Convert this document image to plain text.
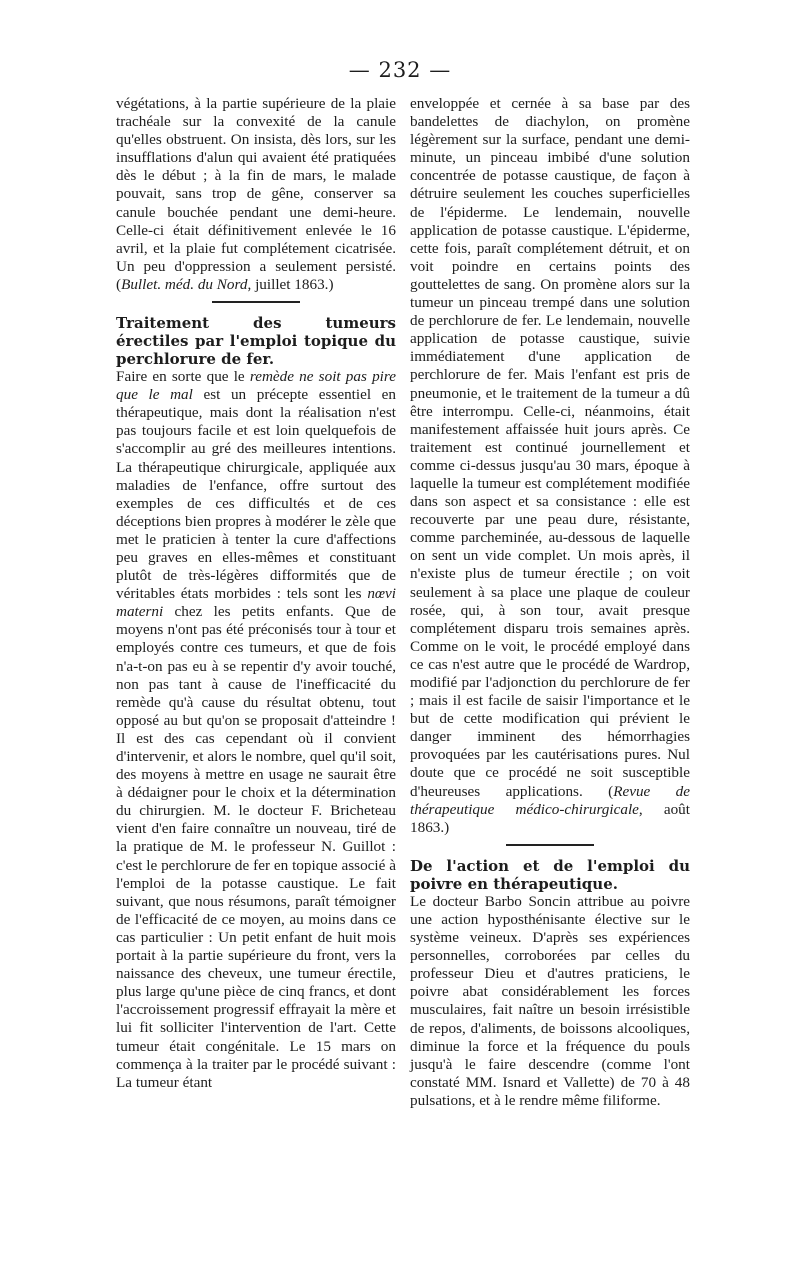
— 232 —

végétations, à la partie supérieure de la plaie trachéale sur la convexité de la canule qu'elles obstruent. On insista, dès lors, sur les insufflations d'alun qui avaient été pratiquées dès le début ; à la fin de mars, le malade pouvait, sans trop de gêne, conserver sa canule bouchée pendant une demi-heure. Celle-ci était définitivement enlevée le 16 avril, et la plaie fut complétement cicatrisée. Un peu d'oppression a seulement persisté. (Bullet. méd. du Nord, juillet 1863.)

Traitement des tumeurs érectiles par l'emploi topique du perchlorure de fer.

Faire en sorte que le remède ne soit pas pire que le mal est un précepte essentiel en thérapeutique, mais dont la réalisation n'est pas toujours facile et est loin quelquefois de s'accomplir au gré des meilleures intentions. La thérapeutique chirurgicale, appliquée aux maladies de l'enfance, offre surtout des exemples de ces difficultés et de ces déceptions bien propres à modérer le zèle que met le praticien à tenter la cure d'affections peu graves en elles-mêmes et constituant plutôt de très-légères difformités que de véritables états morbides : tels sont les nœvi materni chez les petits enfants. Que de moyens n'ont pas été préconisés tour à tour et employés contre ces tumeurs, et que de fois n'a-t-on pas eu à se repentir d'y avoir touché, non pas tant à cause de l'inefficacité du remède qu'à cause du résultat obtenu, tout opposé au but qu'on se proposait d'atteindre ! Il est des cas cependant où il convient d'intervenir, et alors le nombre, quel qu'il soit, des moyens à mettre en usage ne saurait être à dédaigner pour le choix et la détermination du chirurgien. M. le docteur F. Bricheteau vient d'en faire connaître un nouveau, tiré de la pratique de M. le professeur N. Guillot : c'est le perchlorure de fer en topique associé à l'emploi de la potasse caustique. Le fait suivant, que nous résumons, paraît témoigner de l'efficacité de ce moyen, au moins dans ce cas particulier : Un petit enfant de huit mois portait à la partie supérieure du front, vers la naissance des cheveux, une tumeur érectile, plus large qu'une pièce de cinq francs, et dont l'accroissement progressif effrayait la mère et lui fit solliciter l'intervention de l'art. Cette tumeur était congénitale. Le 15 mars on commença à la traiter par le procédé suivant : La tumeur étant

enveloppée et cernée à sa base par des bandelettes de diachylon, on promène légèrement sur la surface, pendant une demi-minute, un pinceau imbibé d'une solution concentrée de potasse caustique, de façon à détruire seulement les couches superficielles de l'épiderme. Le lendemain, nouvelle application de potasse caustique. L'épiderme, cette fois, paraît complétement détruit, et on voit poindre en certains points des gouttelettes de sang. On promène alors sur la tumeur un pinceau trempé dans une solution de perchlorure de fer. Le lendemain, nouvelle application de potasse caustique, suivie immédiatement d'une application de perchlorure de fer. Mais l'enfant est pris de pneumonie, et le traitement de la tumeur a dû être interrompu. Celle-ci, néanmoins, était manifestement affaissée huit jours après. Ce traitement est continué journellement et comme ci-dessus jusqu'au 30 mars, époque à laquelle la tumeur est complétement modifiée dans son aspect et sa consistance : elle est recouverte par une peau dure, résistante, comme parcheminée, au-dessous de laquelle on sent un vide complet. Un mois après, il n'existe plus de tumeur érectile ; on voit seulement à sa place une plaque de couleur rosée, qui, à son tour, avait presque complétement disparu trois semaines après. Comme on le voit, le procédé employé dans ce cas n'est autre que le procédé de Wardrop, modifié par l'adjonction du perchlorure de fer ; mais il est facile de saisir l'importance et le but de cette modification qui prévient le danger imminent des hémorrhagies provoquées par les cautérisations pures. Nul doute que ce procédé ne soit susceptible d'heureuses applications. (Revue de thérapeutique médico-chirurgicale, août 1863.)

De l'action et de l'emploi du poivre en thérapeutique.

Le docteur Barbo Soncin attribue au poivre une action hyposthénisante élective sur le système veineux. D'après ses expériences personnelles, corroborées par celles du professeur Dieu et d'autres praticiens, le poivre abat considérablement les forces musculaires, fait naître un besoin irrésistible de repos, d'aliments, de boissons alcooliques, diminue la force et la fréquence du pouls jusqu'à le faire descendre (comme l'ont constaté MM. Isnard et Vallette) de 70 à 48 pulsations, et à le rendre même filiforme.
